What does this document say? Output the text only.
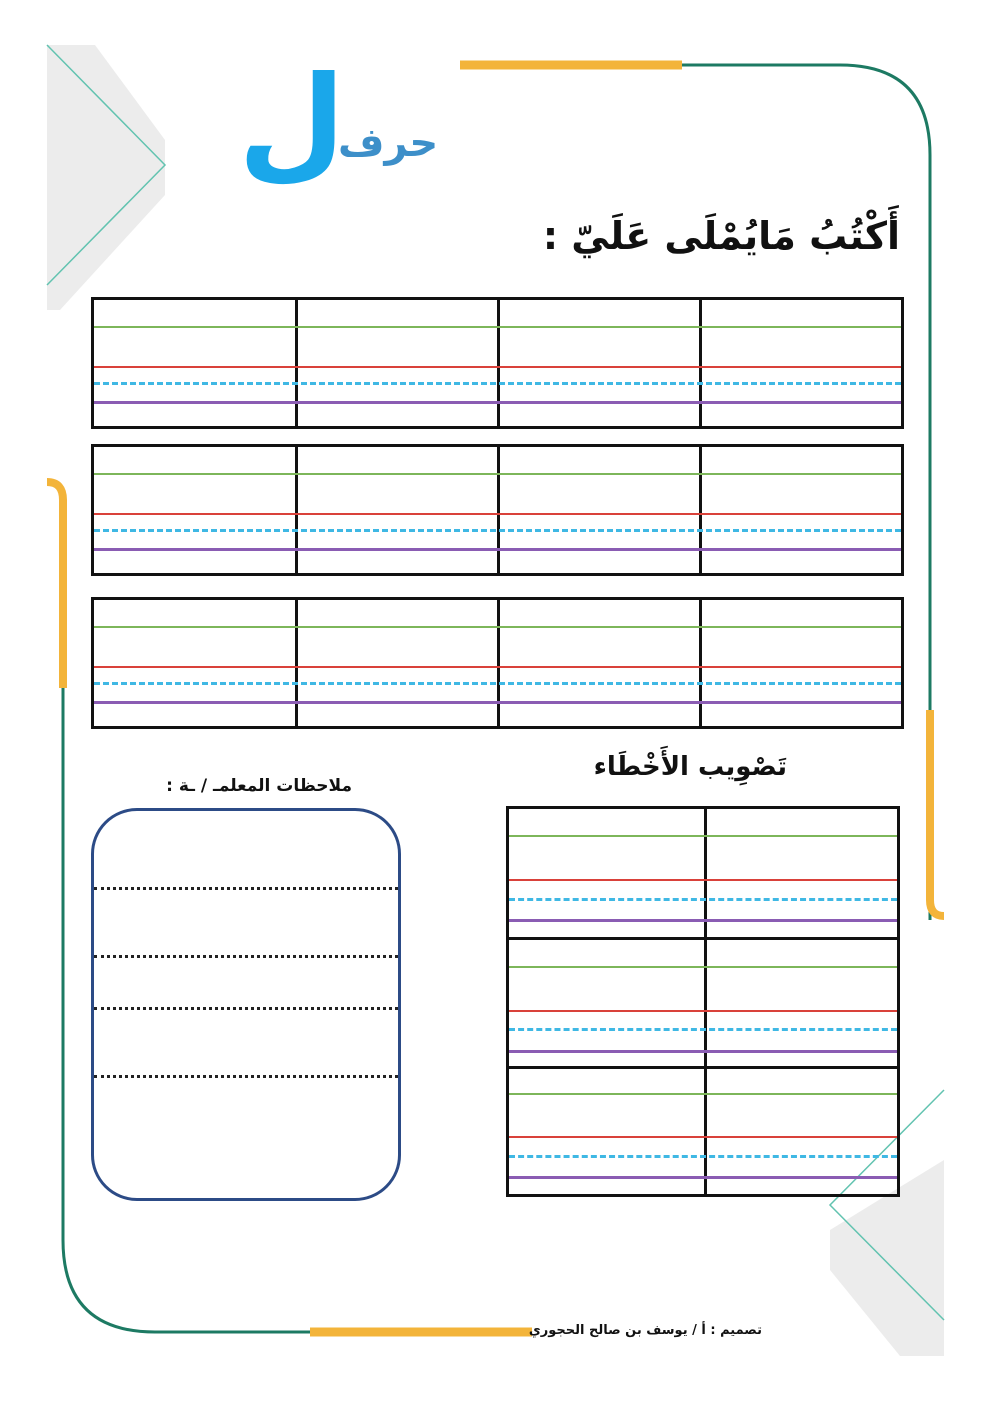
حرف
ل
أَكْتُبُ مَايُمْلَى عَلَيّ :
تَصْوِيب الأَخْطَاء
ملاحظات المعلمـ / ـة :
تصميم : أ / يوسف بن صالح الحجوري
